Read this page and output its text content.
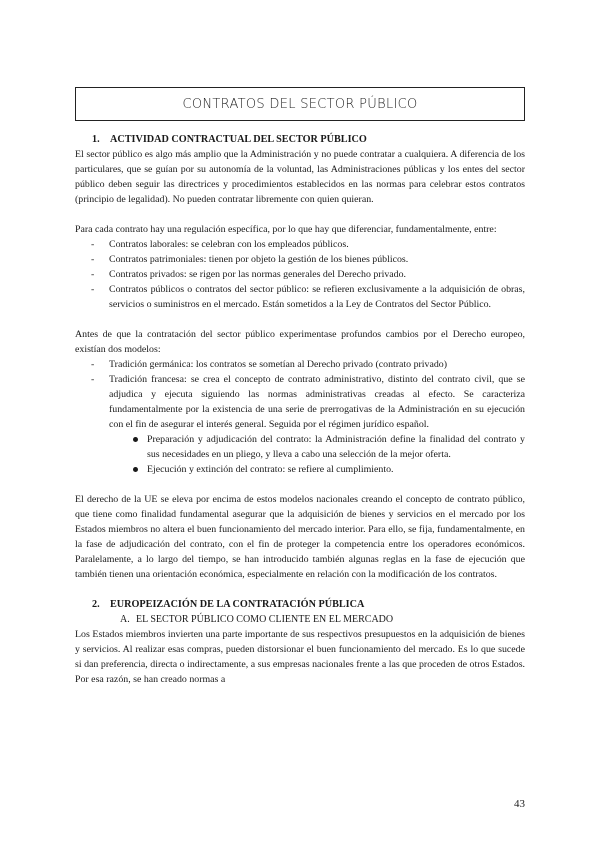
CONTRATOS DEL SECTOR PÚBLICO
1. ACTIVIDAD CONTRACTUAL DEL SECTOR PÚBLICO

El sector público es algo más amplio que la Administración y no puede contratar a cualquiera. A diferencia de los particulares, que se guían por su autonomía de la voluntad, las Administraciones públicas y los entes del sector público deben seguir las directrices y procedimientos establecidos en las normas para celebrar estos contratos (principio de legalidad). No pueden contratar libremente con quien quieran.

Para cada contrato hay una regulación específica, por lo que hay que diferenciar, fundamentalmente, entre:

- Contratos laborales: se celebran con los empleados públicos.
- Contratos patrimoniales: tienen por objeto la gestión de los bienes públicos.
- Contratos privados: se rigen por las normas generales del Derecho privado.
- Contratos públicos o contratos del sector público: se refieren exclusivamente a la adquisición de obras, servicios o suministros en el mercado. Están sometidos a la Ley de Contratos del Sector Público.

Antes de que la contratación del sector público experimentase profundos cambios por el Derecho europeo, existían dos modelos:

- Tradición germánica: los contratos se sometían al Derecho privado (contrato privado)
- Tradición francesa: se crea el concepto de contrato administrativo, distinto del contrato civil, que se adjudica y ejecuta siguiendo las normas administrativas creadas al efecto. Se caracteriza fundamentalmente por la existencia de una serie de prerrogativas de la Administración en su ejecución con el fin de asegurar el interés general. Seguida por el régimen jurídico español.
Preparación y adjudicación del contrato: la Administración define la finalidad del contrato y sus necesidades en un pliego, y lleva a cabo una selección de la mejor oferta.
Ejecución y extinción del contrato: se refiere al cumplimiento.

El derecho de la UE se eleva por encima de estos modelos nacionales creando el concepto de contrato público, que tiene como finalidad fundamental asegurar que la adquisición de bienes y servicios en el mercado por los Estados miembros no altera el buen funcionamiento del mercado interior. Para ello, se fija, fundamentalmente, en la fase de adjudicación del contrato, con el fin de proteger la competencia entre los operadores económicos. Paralelamente, a lo largo del tiempo, se han introducido también algunas reglas en la fase de ejecución que también tienen una orientación económica, especialmente en relación con la modificación de los contratos.

2. EUROPEIZACIÓN DE LA CONTRATACIÓN PÚBLICA
A. EL SECTOR PÚBLICO COMO CLIENTE EN EL MERCADO

Los Estados miembros invierten una parte importante de sus respectivos presupuestos en la adquisición de bienes y servicios. Al realizar esas compras, pueden distorsionar el buen funcionamiento del mercado. Es lo que sucede si dan preferencia, directa o indirectamente, a sus empresas nacionales frente a las que proceden de otros Estados. Por esa razón, se han creado normas a

43
